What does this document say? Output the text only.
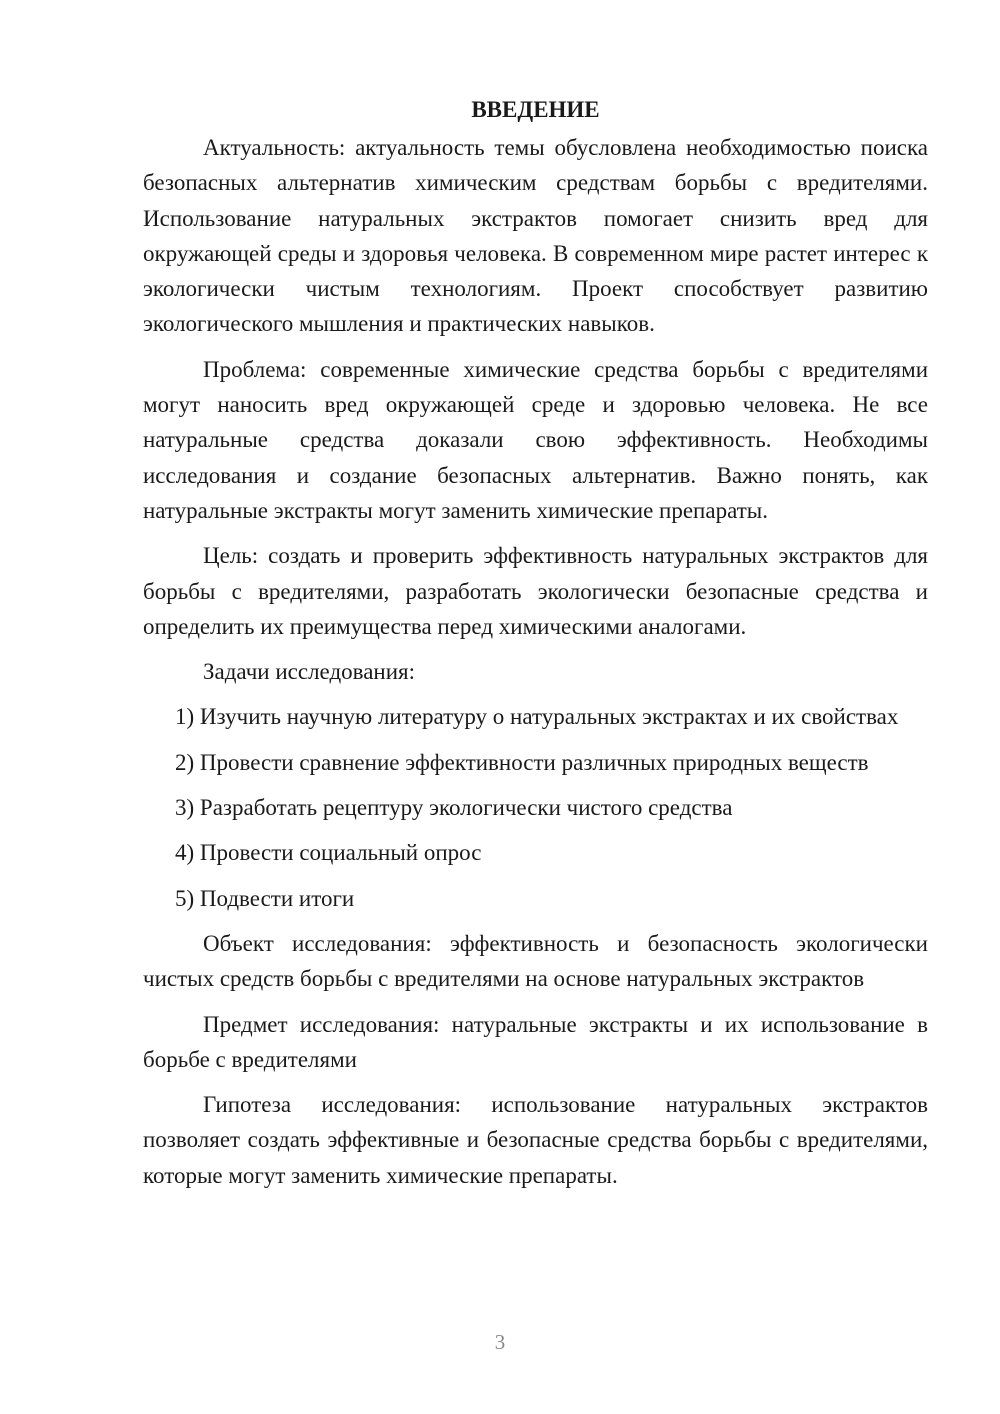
ВВЕДЕНИЕ

Актуальность: актуальность темы обусловлена необходимостью поиска безопасных альтернатив химическим средствам борьбы с вредителями. Использование натуральных экстрактов помогает снизить вред для окружающей среды и здоровья человека. В современном мире растет интерес к экологически чистым технологиям. Проект способствует развитию экологического мышления и практических навыков.

Проблема: современные химические средства борьбы с вредителями могут наносить вред окружающей среде и здоровью человека. Не все натуральные средства доказали свою эффективность. Необходимы исследования и создание безопасных альтернатив. Важно понять, как натуральные экстракты могут заменить химические препараты.

Цель: создать и проверить эффективность натуральных экстрактов для борьбы с вредителями, разработать экологически безопасные средства и определить их преимущества перед химическими аналогами.

Задачи исследования:

1) Изучить научную литературу о натуральных экстрактах и их свойствах
2) Провести сравнение эффективности различных природных веществ
3) Разработать рецептуру экологически чистого средства
4) Провести социальный опрос
5) Подвести итоги

Объект исследования: эффективность и безопасность экологически чистых средств борьбы с вредителями на основе натуральных экстрактов

Предмет исследования: натуральные экстракты и их использование в борьбе с вредителями

Гипотеза исследования: использование натуральных экстрактов позволяет создать эффективные и безопасные средства борьбы с вредителями, которые могут заменить химические препараты.

3
